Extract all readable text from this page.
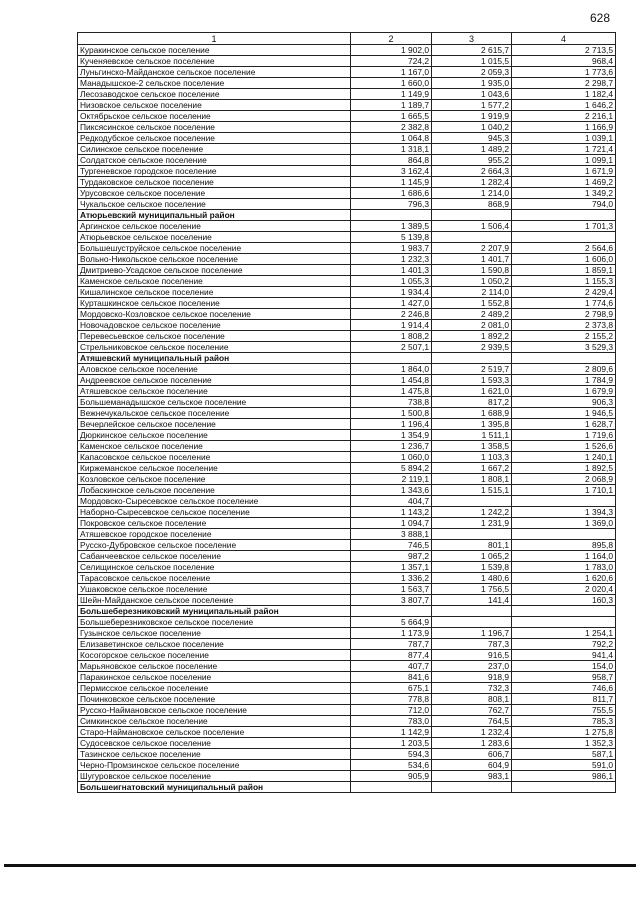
628
1	2	3	4
Куракинское сельское поселение	1 902,0	2 615,7	2 713,5
Кученяевское сельское поселение	724,2	1 015,5	968,4
Луньгинско-Майданское сельское поселение	1 167,0	2 059,3	1 773,6
Манадышское-2 сельское поселение	1 660,0	1 935,0	2 298,7
Лесозаводское сельское поселение	1 149,9	1 043,6	1 182,4
Низовское сельское поселение	1 189,7	1 577,2	1 646,2
Октябрьское сельское поселение	1 665,5	1 919,9	2 216,1
Пиксясинское сельское поселение	2 382,8	1 040,2	1 166,9
Редкодубское сельское поселение	1 064,8	945,3	1 039,1
Силинское сельское поселение	1 318,1	1 489,2	1 721,4
Солдатское сельское поселение	864,8	955,2	1 099,1
Тургеневское городское поселение	3 162,4	2 664,3	1 671,9
Турдаковское сельское поселение	1 145,9	1 282,4	1 469,2
Урусовское сельское поселение	1 686,6	1 214,0	1 349,2
Чукальское сельское поселение	796,3	868,9	794,0
Атюрьевский муниципальный район			
Аргинское сельское поселение	1 389,5	1 506,4	1 701,3
Атюрьевское сельское поселение	5 139,8		
Большешуструйское сельское поселение	1 983,7	2 207,9	2 564,6
Вольно-Никольское сельское поселение	1 232,3	1 401,7	1 606,0
Дмитриево-Усадское сельское поселение	1 401,3	1 590,8	1 859,1
Каменское сельское поселение	1 055,3	1 050,2	1 155,3
Кишалинское сельское поселение	1 934,4	2 114,0	2 429,4
Курташкинское сельское поселение	1 427,0	1 552,8	1 774,6
Мордовско-Козловское сельское поселение	2 246,8	2 489,2	2 798,9
Новочадовское сельское поселение	1 914,4	2 081,0	2 373,8
Перевесьевское сельское поселение	1 808,2	1 892,2	2 155,2
Стрельниковское сельское поселение	2 507,1	2 939,5	3 529,3
Атяшевский муниципальный район			
Аловское сельское поселение	1 864,0	2 519,7	2 809,6
Андреевское сельское поселение	1 454,8	1 593,3	1 784,9
Атяшевское сельское поселение	1 475,8	1 621,0	1 679,9
Большеманадышское сельское поселение	738,8	817,2	906,3
Вежнечукальское сельское поселение	1 500,8	1 688,9	1 946,5
Вечерлейское сельское поселение	1 196,4	1 395,8	1 628,7
Дюркинское сельское поселение	1 354,9	1 511,1	1 719,6
Каменское сельское поселение	1 236,7	1 358,5	1 526,6
Капасовское сельское поселение	1 060,0	1 103,3	1 240,1
Киржеманское сельское поселение	5 894,2	1 667,2	1 892,5
Козловское сельское поселение	2 119,1	1 808,1	2 068,9
Лобаскинское сельское поселение	1 343,6	1 515,1	1 710,1
Мордовско-Сыресевское сельское поселение	404,7		
Наборно-Сыресевское сельское поселение	1 143,2	1 242,2	1 394,3
Покровское сельское поселение	1 094,7	1 231,9	1 369,0
Атяшевское городское поселение	3 888,1		
Русско-Дубровское сельское поселение	746,5	801,1	895,8
Сабанчеевское сельское поселение	987,2	1 065,2	1 164,0
Селищинское сельское поселение	1 357,1	1 539,8	1 783,0
Тарасовское сельское поселение	1 336,2	1 480,6	1 620,6
Ушаковское сельское поселение	1 563,7	1 756,5	2 020,4
Шейн-Майданское сельское поселение	3 807,7	141,4	160,3
Большеберезниковский муниципальный район			
Большеберезниковское сельское поселение	5 664,9		
Гузынское сельское поселение	1 173,9	1 196,7	1 254,1
Елизаветинское сельское поселение	787,7	787,3	792,2
Косогорское сельское поселение	877,4	916,5	941,4
Марьяновское сельское поселение	407,7	237,0	154,0
Паракинское сельское поселение	841,6	918,9	958,7
Пермисское сельское поселение	675,1	732,3	746,6
Починковское сельское поселение	778,8	808,1	811,7
Русско-Наймановское сельское поселение	712,0	762,7	755,5
Симкинское сельское поселение	783,0	764,5	785,3
Старо-Наймановское сельское поселение	1 142,9	1 232,4	1 275,8
Судосевское сельское поселение	1 203,5	1 283,6	1 352,3
Тазинское сельское поселение	594,3	606,7	587,1
Черно-Промзинское сельское поселение	534,6	604,9	591,0
Шугуровское сельское поселение	905,9	983,1	986,1
Большеигнатовский муниципальный район			
